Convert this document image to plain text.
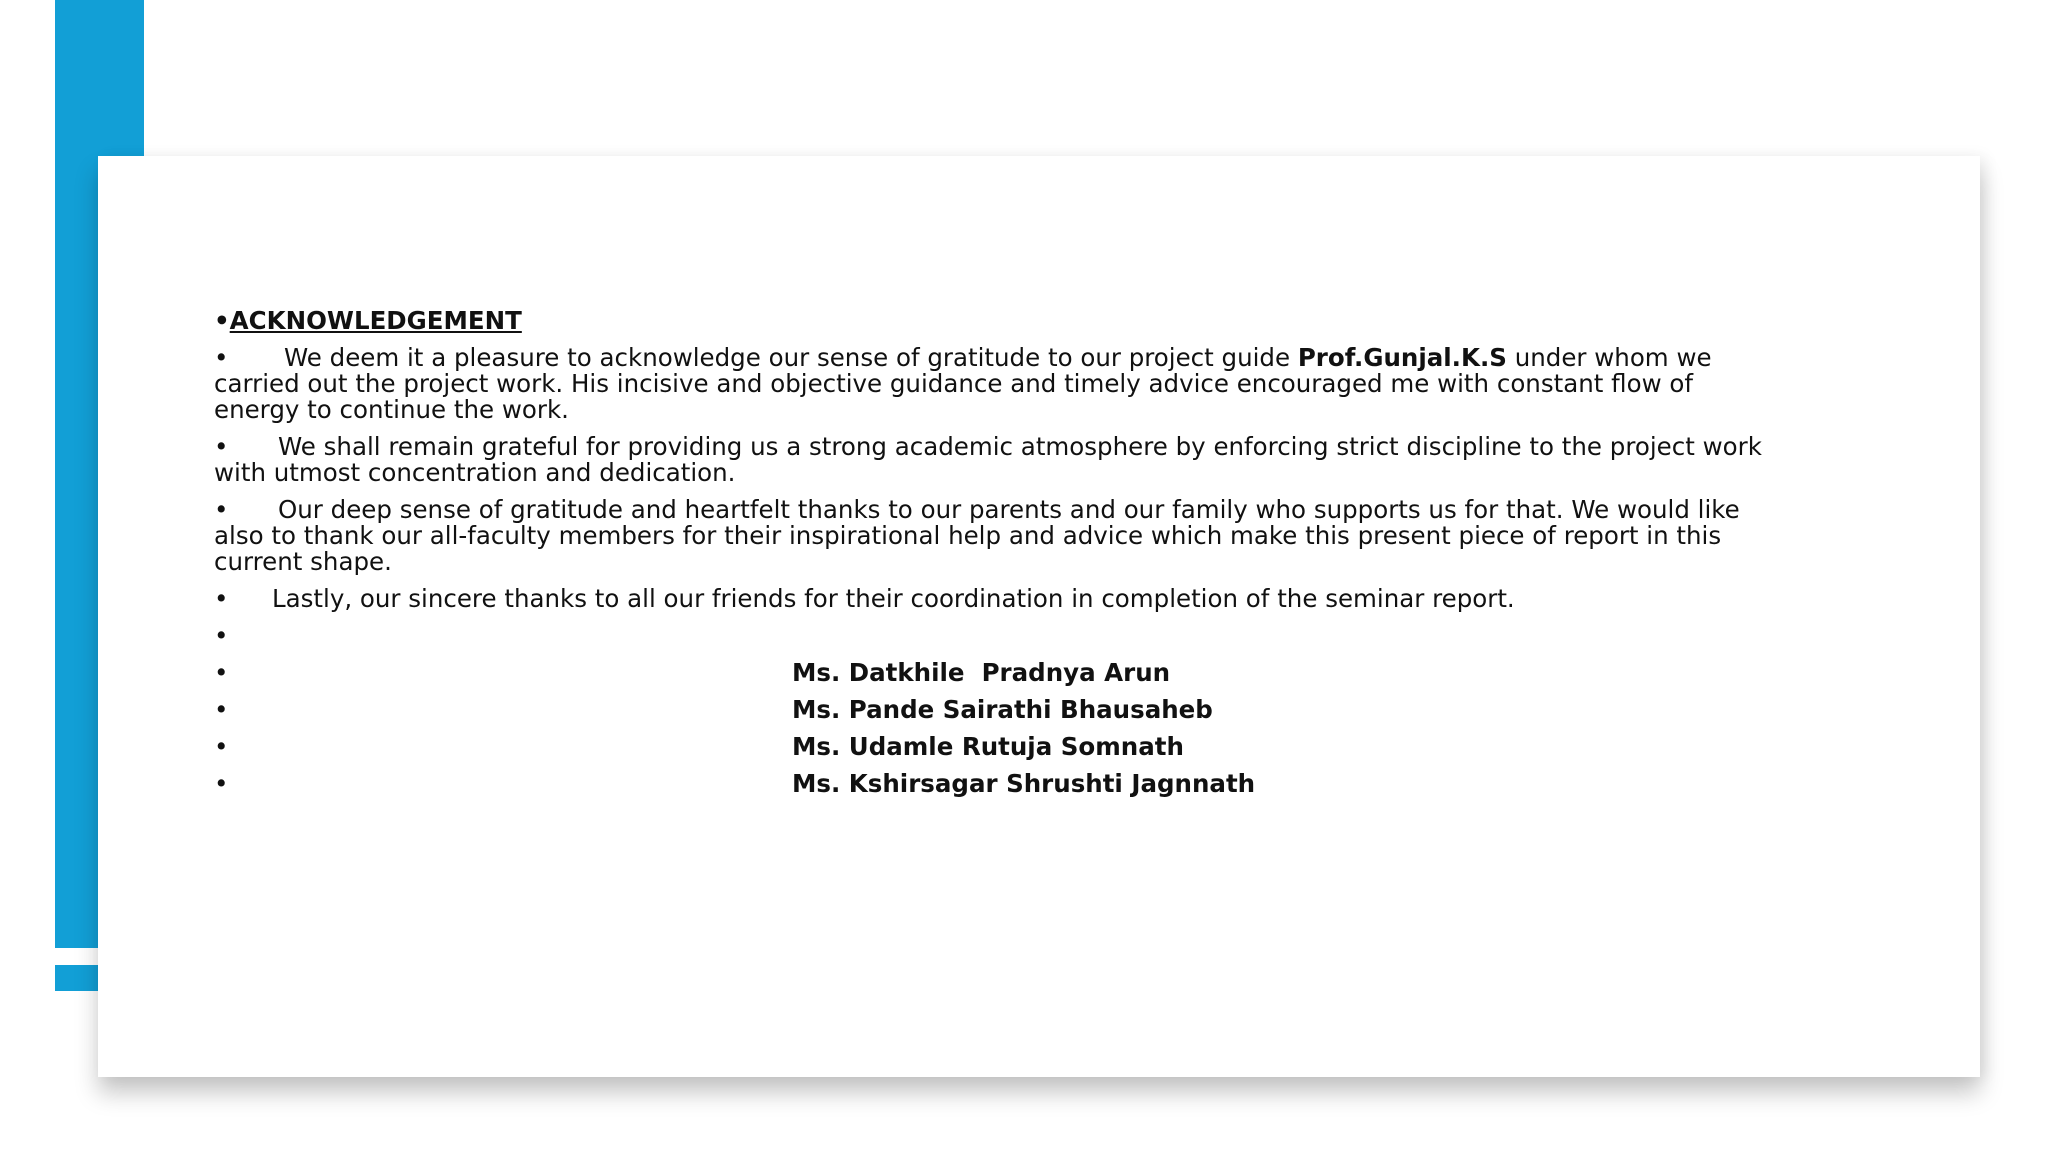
•ACKNOWLEDGEMENT
• We deem it a pleasure to acknowledge our sense of gratitude to our project guide Prof.Gunjal.K.S under whom we carried out the project work. His incisive and objective guidance and timely advice encouraged me with constant flow of energy to continue the work.
• We shall remain grateful for providing us a strong academic atmosphere by enforcing strict discipline to the project work with utmost concentration and dedication.
• Our deep sense of gratitude and heartfelt thanks to our parents and our family who supports us for that. We would like also to thank our all-faculty members for their inspirational help and advice which make this present piece of report in this current shape.
• Lastly, our sincere thanks to all our friends for their coordination in completion of the seminar report.
•
•	Ms. Datkhile  Pradnya Arun
•	Ms. Pande Sairathi Bhausaheb
•	Ms. Udamle Rutuja Somnath
•	Ms. Kshirsagar Shrushti Jagnnath
